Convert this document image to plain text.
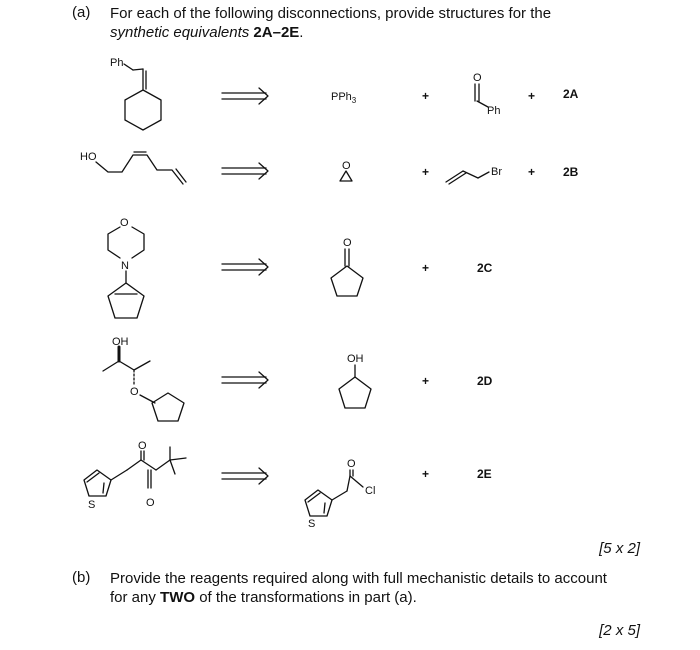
(a) For each of the following disconnections, provide structures for the
synthetic equivalents 2A–2E.
Ph
PPh$_3$	+
O
Ph
+ 2A
HO
O	+	Br + 2B
O
N
O
+	2C
OH
O
OH
+	2D
S
O
O
S
O
Cl
+	2E
[5 x 2]
(b) Provide the reagents required along with full mechanistic details to account
for any TWO of the transformations in part (a).
[2 x 5]
